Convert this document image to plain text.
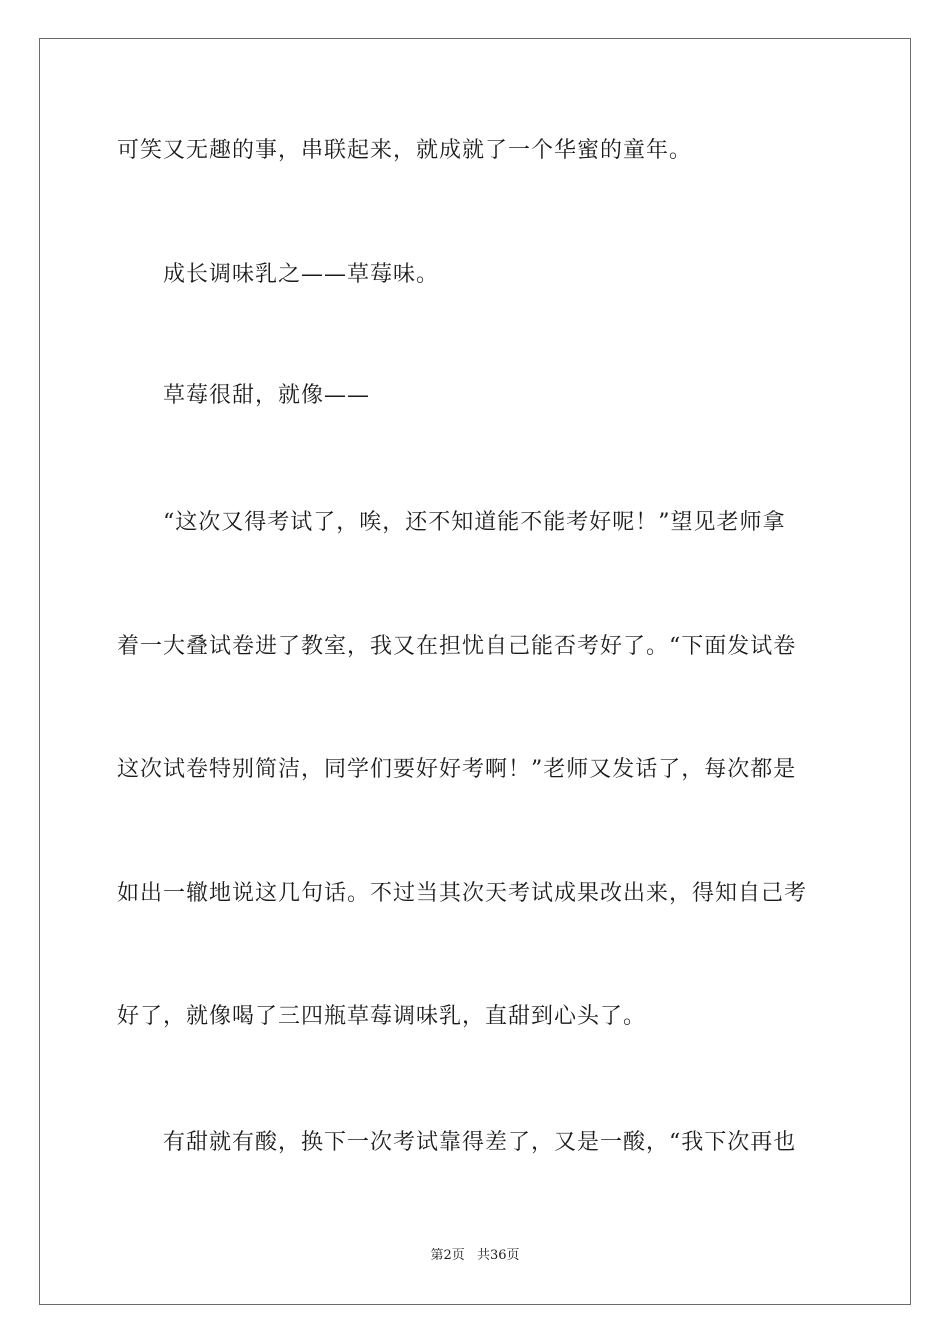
可笑又无趣的事，串联起来，就成就了一个华蜜的童年。
成长调味乳之——草莓味。
草莓很甜，就像——
“这次又得考试了，唉，还不知道能不能考好呢！”望见老师拿
着一大叠试卷进了教室，我又在担忧自己能否考好了。“下面发试卷
这次试卷特别简洁，同学们要好好考啊！”老师又发话了，每次都是
如出一辙地说这几句话。不过当其次天考试成果改出来，得知自己考
好了，就像喝了三四瓶草莓调味乳，直甜到心头了。
有甜就有酸，换下一次考试靠得差了，又是一酸，“我下次再也
第2页 共36页
